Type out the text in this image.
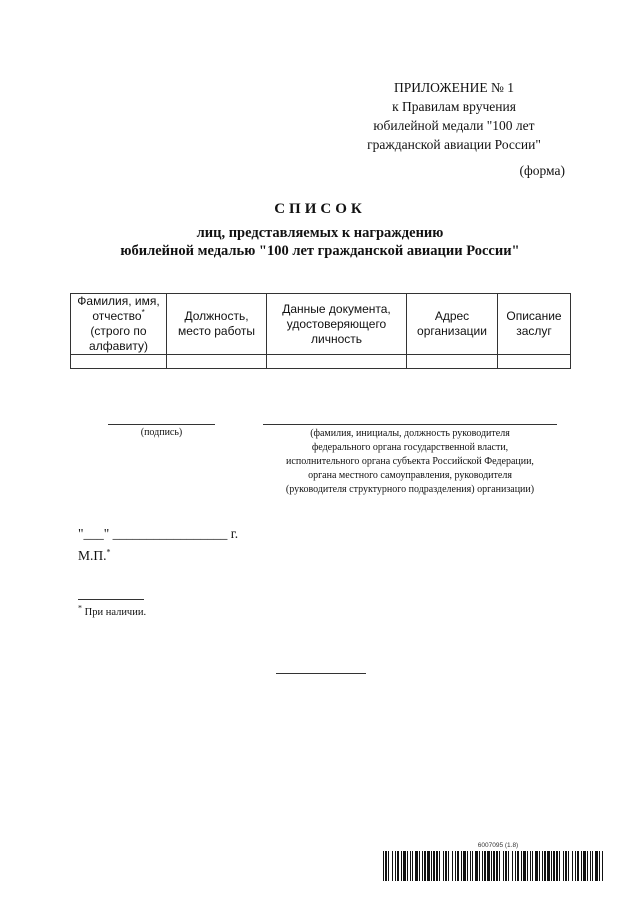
ПРИЛОЖЕНИЕ № 1
к Правилам вручения
юбилейной медали "100 лет
гражданской авиации России"
(форма)
СПИСОК
лиц, представляемых к награждению
юбилейной медалью "100 лет гражданской авиации России"
Фамилия, имя, отчество* (строго по алфавиту)	Должность, место работы	Данные документа, удостоверяющего личность	Адрес организации	Описание заслуг

(подпись)	(фамилия, инициалы, должность руководителя
федерального органа государственной власти,
исполнительного органа субъекта Российской Федерации,
органа местного самоуправления, руководителя
(руководителя структурного подразделения) организации)
"___" _________________ г.
М.П.*
* При наличии.
6007095 (1.8)
